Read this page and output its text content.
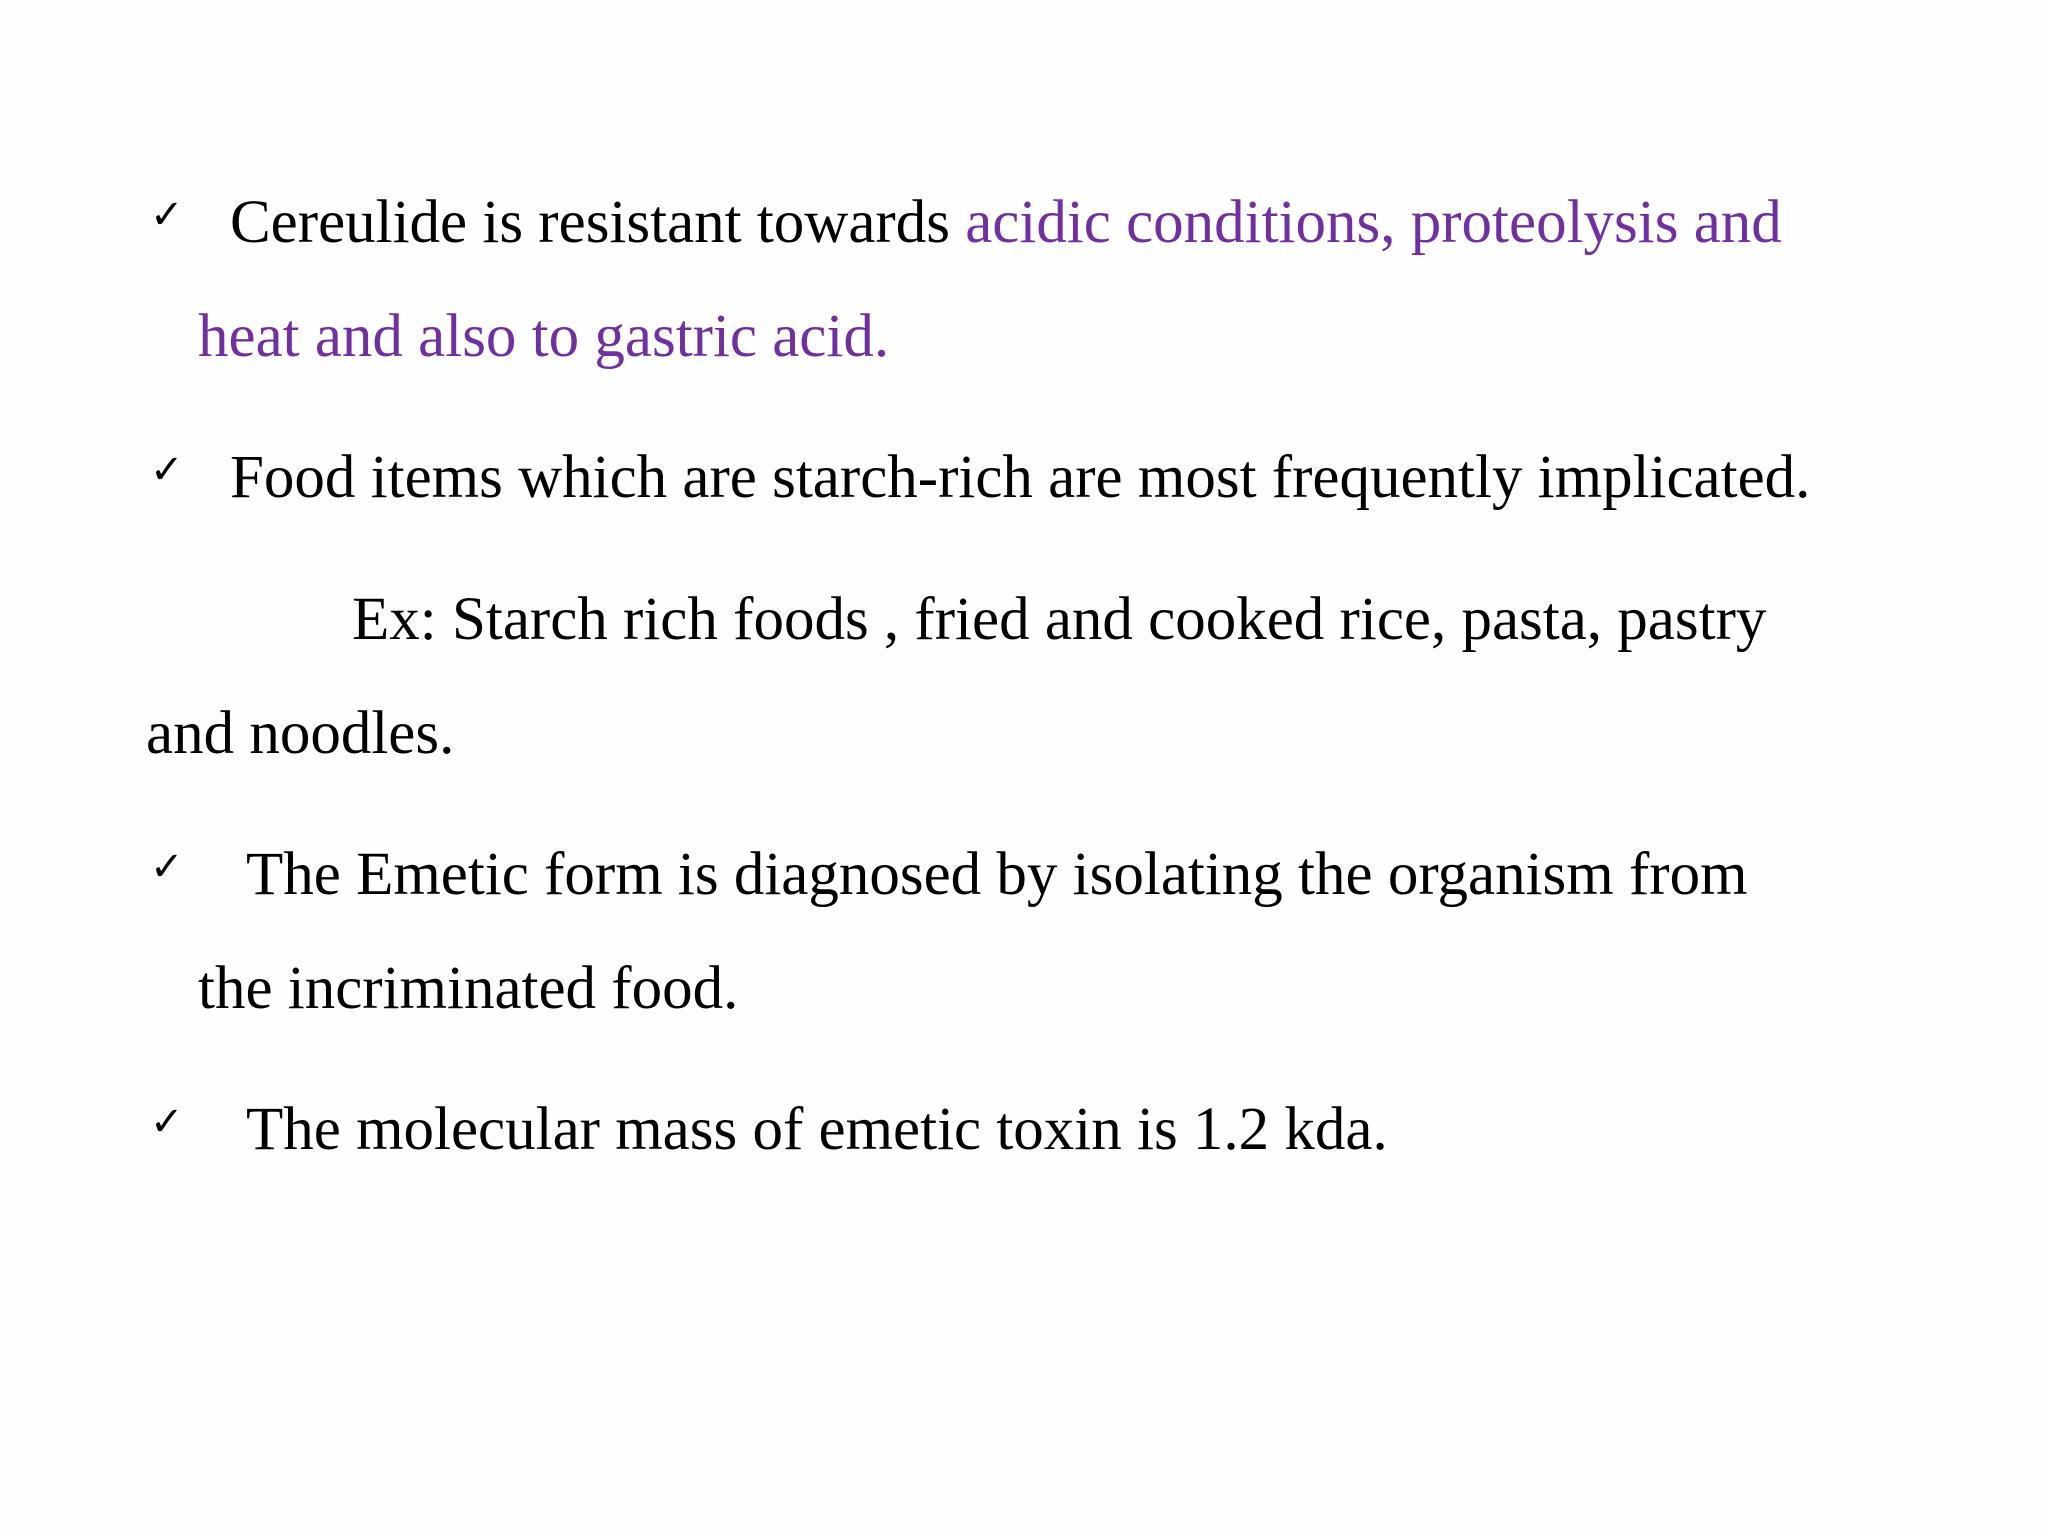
✓ Cereulide is resistant towards acidic conditions, proteolysis and
heat and also to gastric acid.
✓ Food items which are starch-rich are most frequently implicated.
Ex: Starch rich foods , fried and cooked rice, pasta, pastry
and noodles.
✓ The Emetic form is diagnosed by isolating the organism from
the incriminated food.
✓ The molecular mass of emetic toxin is 1.2 kda.
